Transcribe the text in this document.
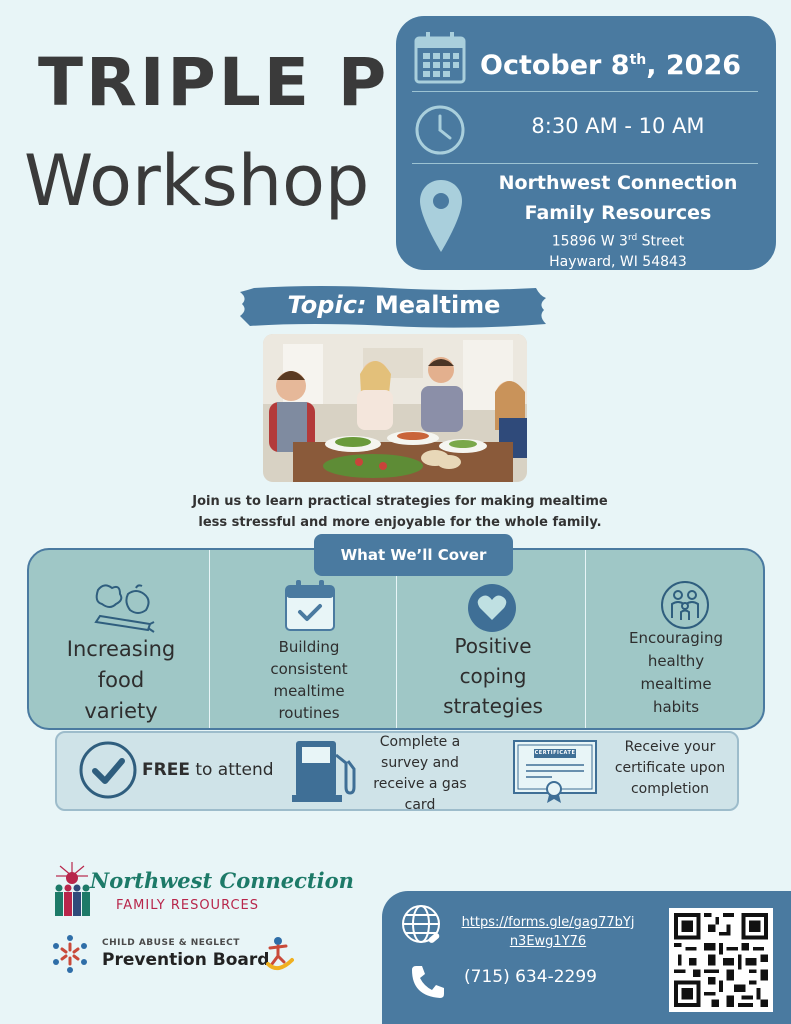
TRIPLE P
Workshop
October 8th, 2026
8:30 AM - 10 AM
Northwest Connection
Family Resources
15896 W 3rd Street
Hayward, WI 54843
Topic: Mealtime
Join us to learn practical strategies for making mealtime
less stressful and more enjoyable for the whole family.
What We’ll Cover
Increasing
food
variety
Building
consistent
mealtime
routines
Positive
coping
strategies
Encouraging
healthy
mealtime
habits
FREE to attend
Complete a
survey and
receive a gas
card
CERTIFICATE	Receive your
certificate upon
completion
Northwest Connection
FAMILY RESOURCES
CHILD ABUSE & NEGLECT
Prevention Board
https://forms.gle/gag77bYj
n3Ewg1Y76
(715) 634-2299
